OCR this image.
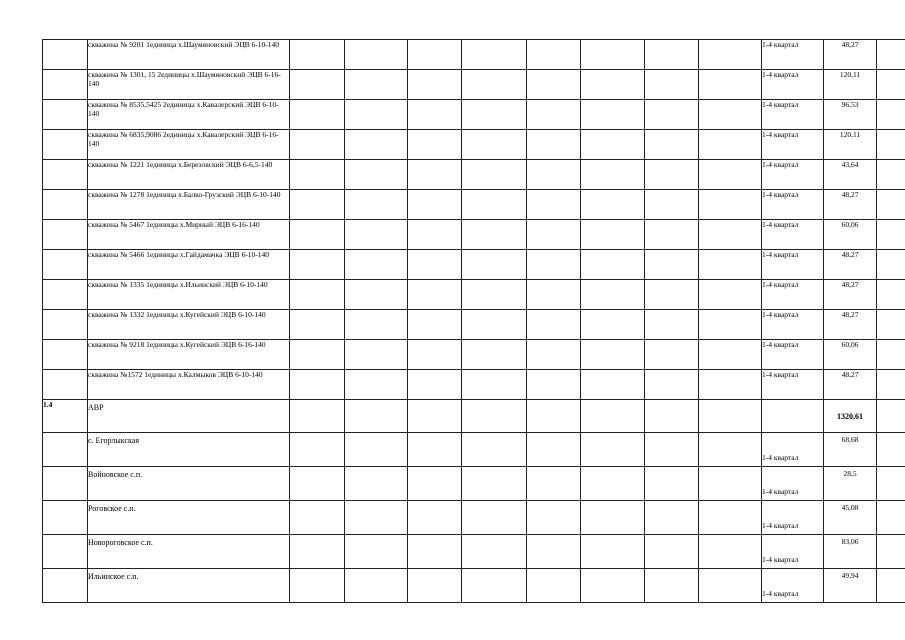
	скважина № 9201 1единица х.Шаумяновский ЭЦВ 6-10-140									1-4 квартал	48,27		
	скважина № 1301, 15 2единицы х.Шаумяновский ЭЦВ 6-16-140									1-4 квартал	120,11		
	скважина № 8535,5425 2единицы х.Кавалерский ЭЦВ 6-10-140									1-4 квартал	96,53		
	скважина № 6835,9086 2единицы х.Кавалерский ЭЦВ 6-16-140									1-4 квартал	120,11		
	скважина № 1221 1единица х.Березовский ЭЦВ 6-6,5-140									1-4 квартал	43,64		
	скважина № 1278 1единица х.Балко-Грузский ЭЦВ 6-10-140									1-4 квартал	48,27		
	скважина № 5467 1единицы х.Мирный ЭЦВ 6-16-140									1-4 квартал	60,06		
	скважина № 5466 1единицы х.Гайдамачка ЭЦВ 6-10-140									1-4 квартал	48,27		
	скважина № 1335 1единицы х.Ильинский ЭЦВ 6-10-140									1-4 квартал	48,27		
	скважина № 1332 1единицы х.Кугейский ЭЦВ 6-10-140									1-4 квартал	48,27		
	скважина № 9218 1единицы х.Кугейский ЭЦВ 6-16-140									1-4 квартал	60,06		
	скважина №1572 1единицы х.Калмыков ЭЦВ 6-10-140									1-4 квартал	48,27		
1.4	АВР										1320,61		
	с. Егорлыкская									1-4 квартал	68,68		
	Войновское с.п.									1-4 квартал	28,5		
	Роговское с.п.									1-4 квартал	45,08		
	Новороговское с.п.									1-4 квартал	83,06		
	Ильинское с.п.									1-4 квартал	49,94		
